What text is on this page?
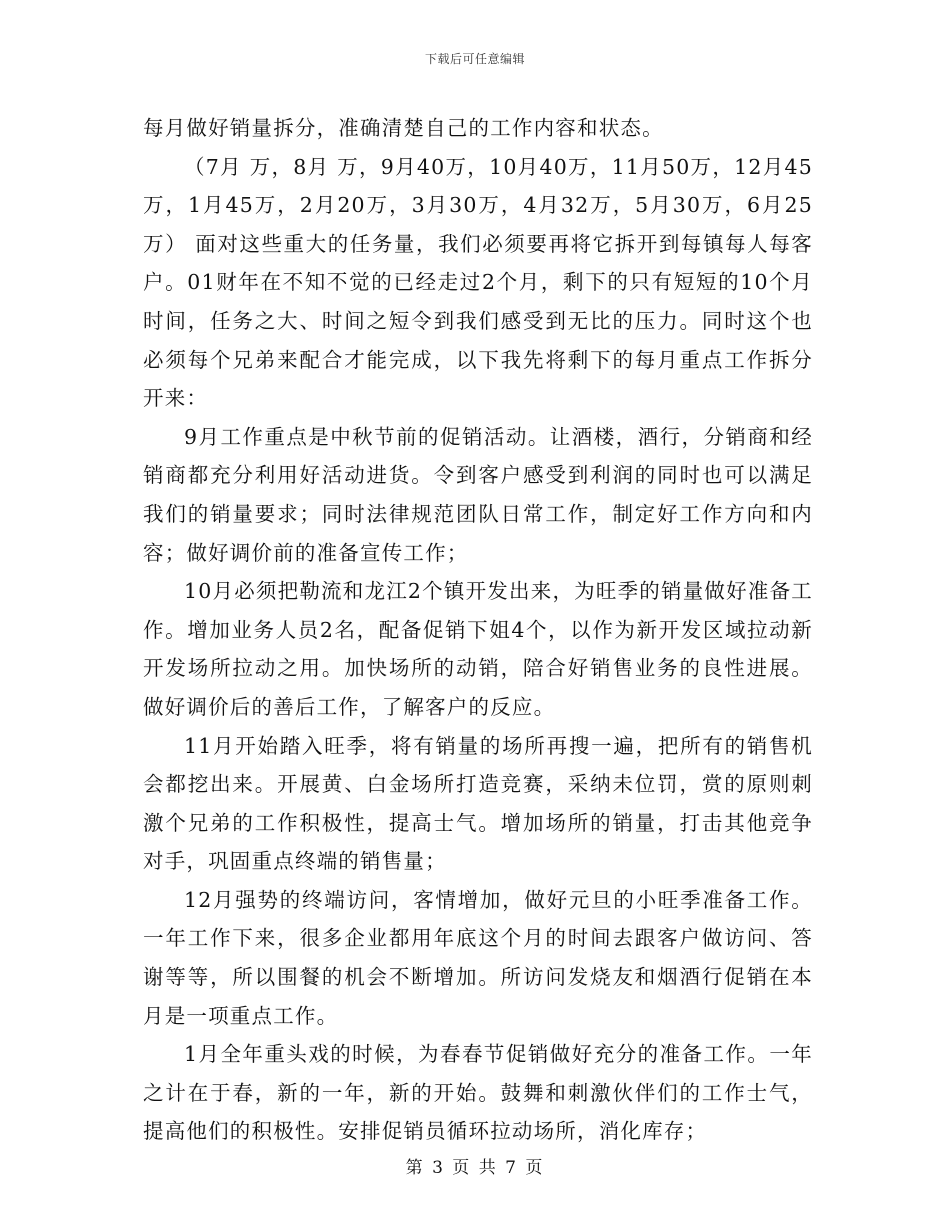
下载后可任意编辑

每月做好销量拆分，准确清楚自己的工作内容和状态。

（7月 万，8月 万，9月40万，10月40万，11月50万，12月45万，1月45万，2月20万，3月30万，4月32万，5月30万，6月25万） 面对这些重大的任务量，我们必须要再将它拆开到每镇每人每客户。01财年在不知不觉的已经走过2个月，剩下的只有短短的10个月时间，任务之大、时间之短令到我们感受到无比的压力。同时这个也必须每个兄弟来配合才能完成，以下我先将剩下的每月重点工作拆分开来：

9月工作重点是中秋节前的促销活动。让酒楼，酒行，分销商和经销商都充分利用好活动进货。令到客户感受到利润的同时也可以满足我们的销量要求；同时法律规范团队日常工作，制定好工作方向和内容；做好调价前的准备宣传工作；

10月必须把勒流和龙江2个镇开发出来，为旺季的销量做好准备工作。增加业务人员2名，配备促销下姐4个，以作为新开发区域拉动新开发场所拉动之用。加快场所的动销，陪合好销售业务的良性进展。做好调价后的善后工作，了解客户的反应。

11月开始踏入旺季，将有销量的场所再搜一遍，把所有的销售机会都挖出来。开展黄、白金场所打造竞赛，采纳未位罚，赏的原则刺激个兄弟的工作积极性，提高士气。增加场所的销量，打击其他竞争对手，巩固重点终端的销售量；

12月强势的终端访问，客情增加，做好元旦的小旺季准备工作。一年工作下来，很多企业都用年底这个月的时间去跟客户做访问、答谢等等，所以围餐的机会不断增加。所访问发烧友和烟酒行促销在本月是一项重点工作。

1月全年重头戏的时候，为春春节促销做好充分的准备工作。一年之计在于春，新的一年，新的开始。鼓舞和刺激伙伴们的工作士气，提高他们的积极性。安排促销员循环拉动场所，消化库存；

第 3 页 共 7 页
